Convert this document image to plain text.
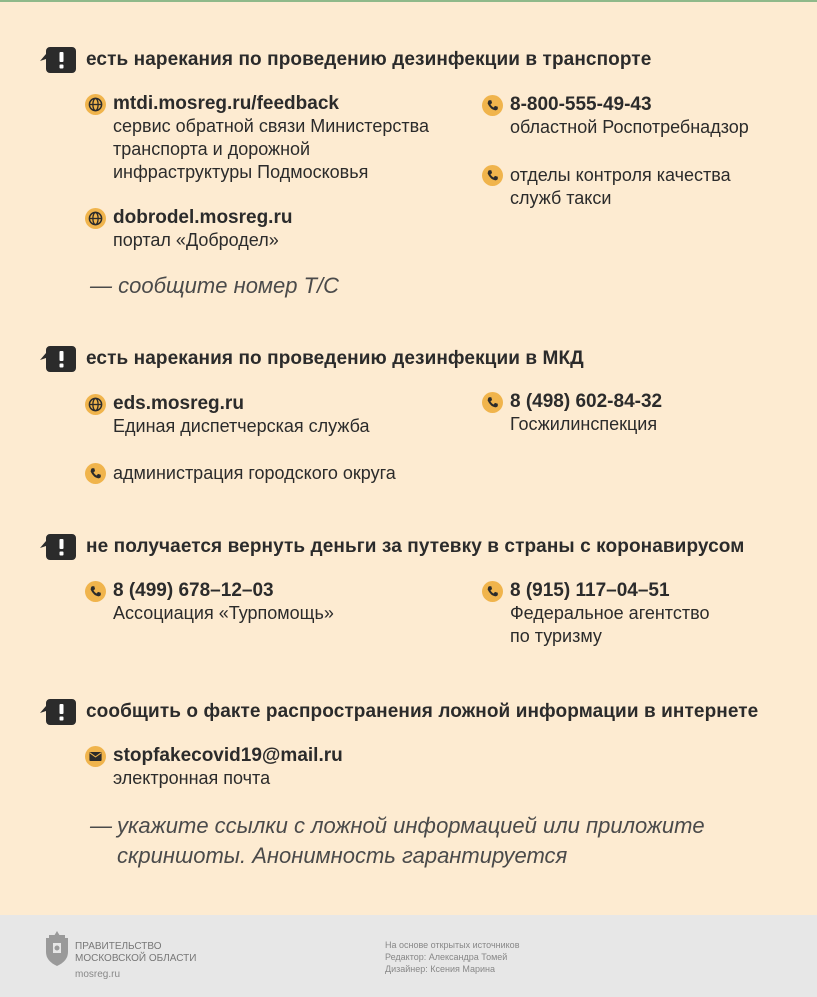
есть нарекания по проведению дезинфекции в транспорте
mtdi.mosreg.ru/feedback
сервис обратной связи Министерства
транспорта и дорожной
инфраструктуры Подмосковья
dobrodel.mosreg.ru
портал «Добродел»
8-800-555-49-43
областной Роспотребнадзор
отделы контроля качества
служб такси
— сообщите номер Т/С
есть нарекания по проведению дезинфекции в МКД
eds.mosreg.ru
Единая диспетчерская служба
администрация городского округа
8 (498) 602-84-32
Госжилинспекция
не получается вернуть деньги за путевку в страны с коронавирусом
8 (499) 678–12–03
Ассоциация «Турпомощь»
8 (915) 117–04–51
Федеральное агентство
по туризму
сообщить о факте распространения ложной информации в интернете
stopfakecovid19@mail.ru
электронная почта
— укажите ссылки с ложной информацией или приложите
скриншоты. Анонимность гарантируется
ПРАВИТЕЛЬСТВО
МОСКОВСКОЙ ОБЛАСТИ
mosreg.ru
На основе открытых источников
Редактор: Александра Томей
Дизайнер: Ксения Марина
